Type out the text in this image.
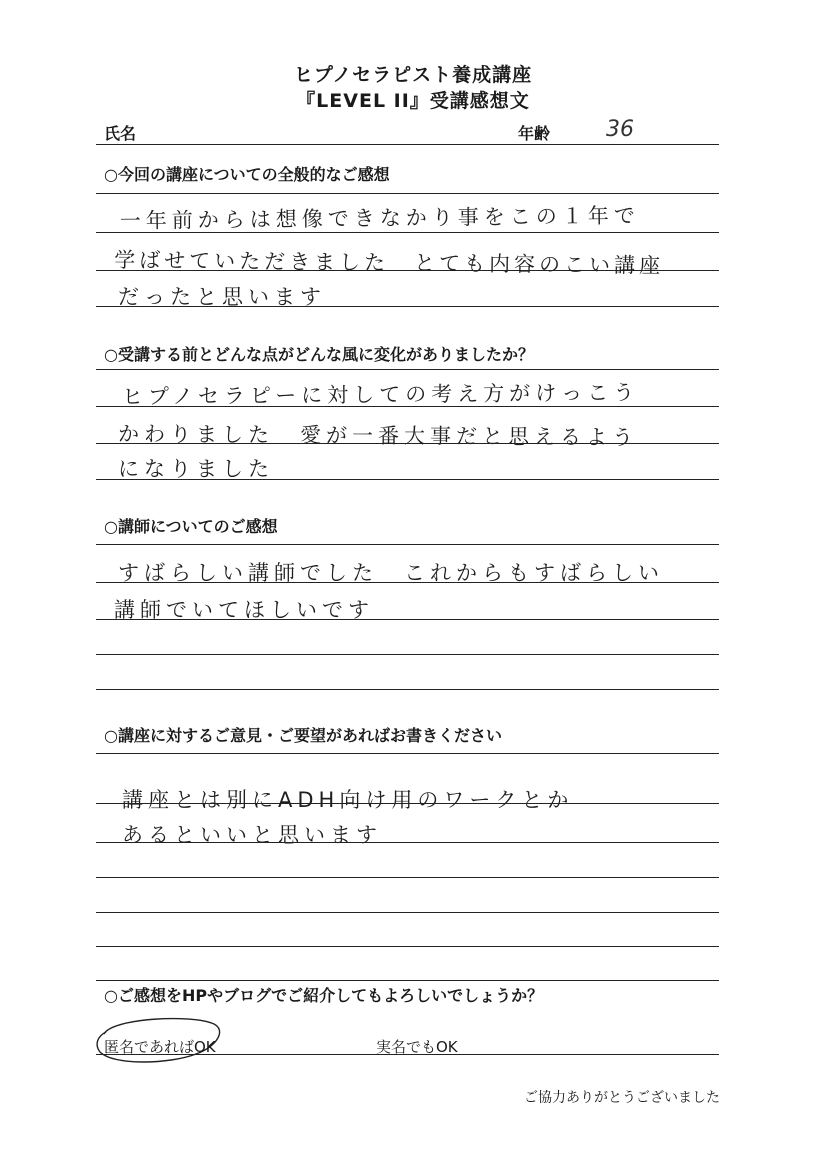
ヒプノセラピスト養成講座
『LEVEL II』受講感想文
氏名	年齢	36
○今回の講座についての全般的なご感想
一年前からは想像できなかり事をこの１年で
学ばせていただきました　とても内容のこい講座
だったと思います
○受講する前とどんな点がどんな風に変化がありましたか？
ヒプノセラピーに対しての考え方がけっこう
かわりました　愛が一番大事だと思えるよう
になりました
○講師についてのご感想
すばらしい講師でした　これからもすばらしい
講師でいてほしいです
○講座に対するご意見・ご要望があればお書きください
講座とは別にADH向け用のワークとか
あるといいと思います
○ご感想をHPやブログでご紹介してもよろしいでしょうか？
匿名であればOK	実名でもOK
ご協力ありがとうございました
